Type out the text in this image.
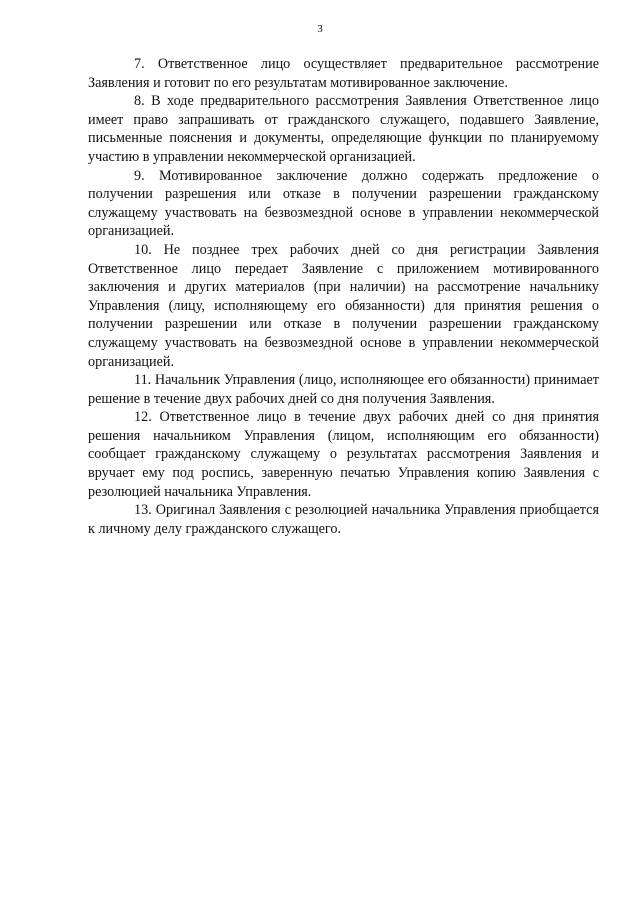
3

7. Ответственное лицо осуществляет предварительное рассмотрение Заявления и готовит по его результатам мотивированное заключение.

8. В ходе предварительного рассмотрения Заявления Ответственное лицо имеет право запрашивать от гражданского служащего, подавшего Заявление, письменные пояснения и документы, определяющие функции по планируемому участию в управлении некоммерческой организацией.

9. Мотивированное заключение должно содержать предложение о получении разрешения или отказе в получении разрешении гражданскому служащему участвовать на безвозмездной основе в управлении некоммерческой организацией.

10. Не позднее трех рабочих дней со дня регистрации Заявления Ответственное лицо передает Заявление с приложением мотивированного заключения и других материалов (при наличии) на рассмотрение начальнику Управления (лицу, исполняющему его обязанности) для принятия решения о получении разрешении или отказе в получении разрешении гражданскому служащему участвовать на безвозмездной основе в управлении некоммерческой организацией.

11. Начальник Управления (лицо, исполняющее его обязанности) принимает решение в течение двух рабочих дней со дня получения Заявления.

12. Ответственное лицо в течение двух рабочих дней со дня принятия решения начальником Управления (лицом, исполняющим его обязанности) сообщает гражданскому служащему о результатах рассмотрения Заявления и вручает ему под роспись, заверенную печатью Управления копию Заявления с резолюцией начальника Управления.

13. Оригинал Заявления с резолюцией начальника Управления приобщается к личному делу гражданского служащего.
